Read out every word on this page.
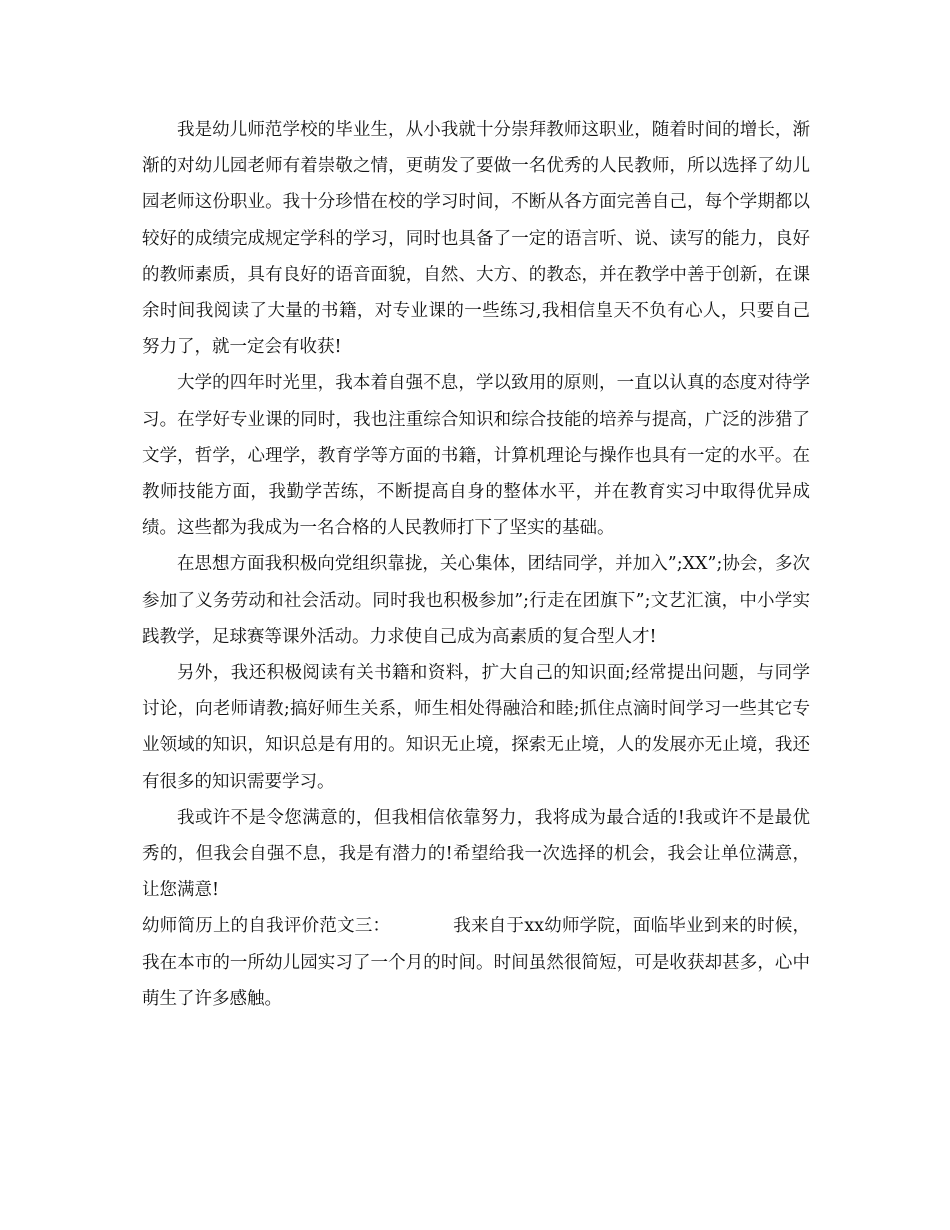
我是幼儿师范学校的毕业生，从小我就十分崇拜教师这职业，随着时间的增长，渐渐的对幼儿园老师有着崇敬之情，更萌发了要做一名优秀的人民教师，所以选择了幼儿园老师这份职业。我十分珍惜在校的学习时间，不断从各方面完善自己，每个学期都以较好的成绩完成规定学科的学习，同时也具备了一定的语言听、说、读写的能力，良好的教师素质，具有良好的语音面貌，自然、大方、的教态，并在教学中善于创新，在课余时间我阅读了大量的书籍，对专业课的一些练习,我相信皇天不负有心人，只要自己努力了，就一定会有收获!

大学的四年时光里，我本着自强不息，学以致用的原则，一直以认真的态度对待学习。在学好专业课的同时，我也注重综合知识和综合技能的培养与提高，广泛的涉猎了文学，哲学，心理学，教育学等方面的书籍，计算机理论与操作也具有一定的水平。在教师技能方面，我勤学苦练，不断提高自身的整体水平，并在教育实习中取得优异成绩。这些都为我成为一名合格的人民教师打下了坚实的基础。

在思想方面我积极向党组织靠拢，关心集体，团结同学，并加入”;XX”;协会，多次参加了义务劳动和社会活动。同时我也积极参加”;行走在团旗下”;文艺汇演，中小学实践教学，足球赛等课外活动。力求使自己成为高素质的复合型人才!

另外，我还积极阅读有关书籍和资料，扩大自己的知识面;经常提出问题，与同学讨论，向老师请教;搞好师生关系，师生相处得融洽和睦;抓住点滴时间学习一些其它专业领域的知识，知识总是有用的。知识无止境，探索无止境，人的发展亦无止境，我还有很多的知识需要学习。

我或许不是令您满意的，但我相信依靠努力，我将成为最合适的!我或许不是最优秀的，但我会自强不息，我是有潜力的!希望给我一次选择的机会，我会让单位满意，让您满意!

幼师简历上的自我评价范文三：	我来自于xx幼师学院，面临毕业到来的时候，我在本市的一所幼儿园实习了一个月的时间。时间虽然很简短，可是收获却甚多，心中萌生了许多感触。
